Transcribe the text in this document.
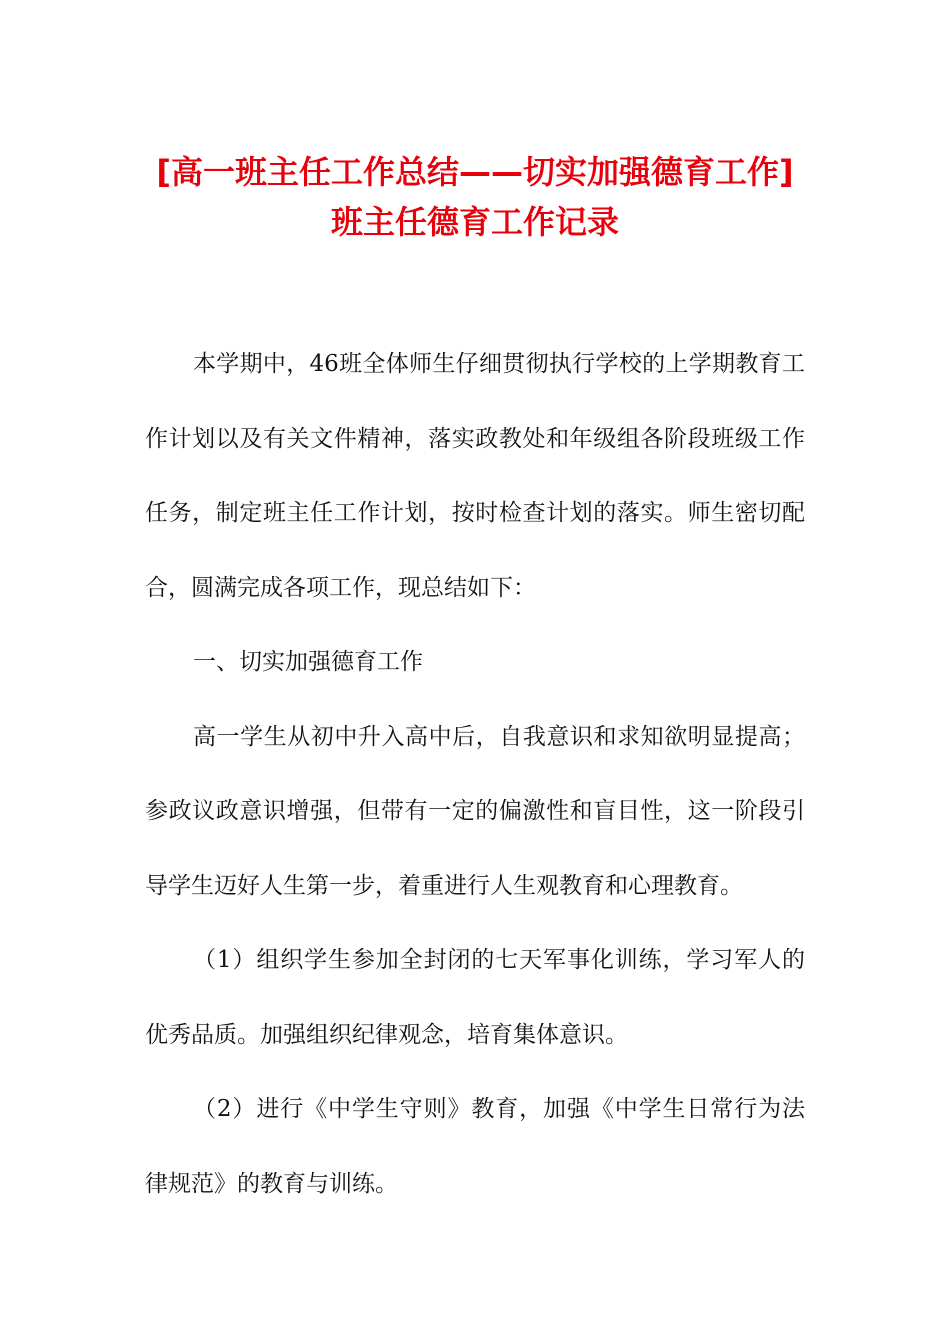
[高一班主任工作总结——切实加强德育工作]班主任德育工作记录

本学期中，46班全体师生仔细贯彻执行学校的上学期教育工作计划以及有关文件精神，落实政教处和年级组各阶段班级工作任务，制定班主任工作计划，按时检查计划的落实。师生密切配合，圆满完成各项工作，现总结如下：

一、切实加强德育工作

高一学生从初中升入高中后，自我意识和求知欲明显提高；参政议政意识增强，但带有一定的偏激性和盲目性，这一阶段引导学生迈好人生第一步，着重进行人生观教育和心理教育。

（1）组织学生参加全封闭的七天军事化训练，学习军人的优秀品质。加强组织纪律观念，培育集体意识。

（2）进行《中学生守则》教育，加强《中学生日常行为法律规范》的教育与训练。
